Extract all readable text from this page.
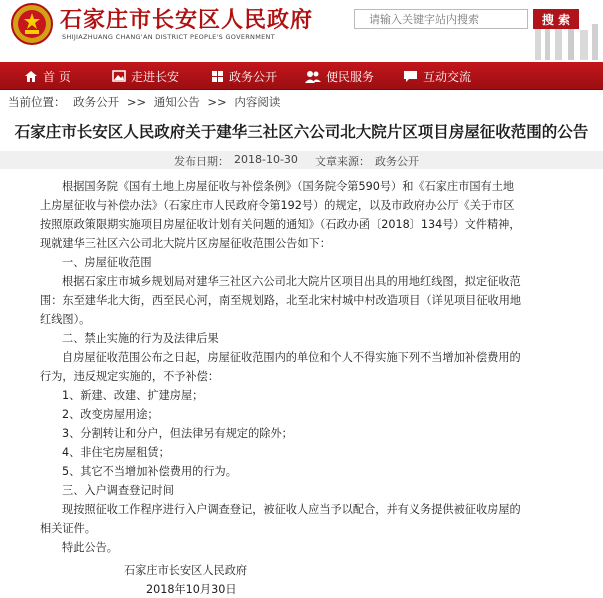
石家庄市长安区人民政府
SHIJIAZHUANG CHANG'AN DISTRICT PEOPLE'S GOVERNMENT
请输入关键字站内搜索
搜 索
首 页	走进长安	政务公开	便民服务	互动交流
当前位置： 政务公开 >> 通知公告 >> 内容阅读
石家庄市长安区人民政府关于建华三社区六公司北大院片区项目房屋征收范围的公告
发布日期： 2018-10-30 文章来源： 政务公开
根据国务院《国有土地上房屋征收与补偿条例》（国务院令第590号）和《石家庄市国有土地
上房屋征收与补偿办法》（石家庄市人民政府令第192号）的规定，以及市政府办公厅《关于市区
按照原政策限期实施项目房屋征收计划有关问题的通知》（石政办函〔2018〕134号）文件精神，
现就建华三社区六公司北大院片区房屋征收范围公告如下：
一、房屋征收范围
根据石家庄市城乡规划局对建华三社区六公司北大院片区项目出具的用地红线图，拟定征收范
围：东至建华北大街，西至民心河，南至规划路，北至北宋村城中村改造项目（详见项目征收用地
红线图）。
二、禁止实施的行为及法律后果
自房屋征收范围公布之日起，房屋征收范围内的单位和个人不得实施下列不当增加补偿费用的
行为，违反规定实施的，不予补偿：
1、新建、改建、扩建房屋；
2、改变房屋用途；
3、分割转让和分户，但法律另有规定的除外；
4、非住宅房屋租赁；
5、其它不当增加补偿费用的行为。
三、入户调查登记时间
现按照征收工作程序进行入户调查登记，被征收人应当予以配合，并有义务提供被征收房屋的
相关证件。
特此公告。
石家庄市长安区人民政府
2018年10月30日
